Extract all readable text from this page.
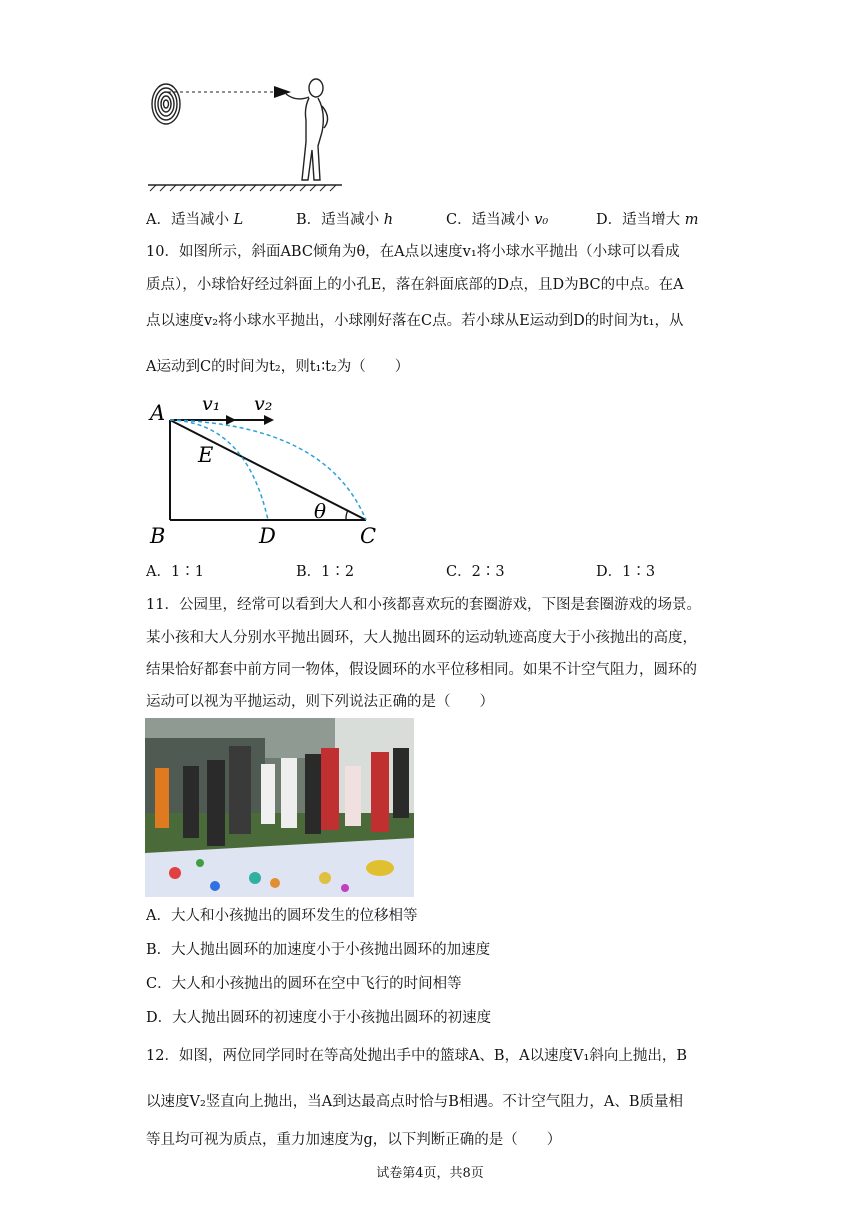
A．适当减小 L	B．适当减小 h	C．适当减小 v₀	D．适当增大 m
10．如图所示，斜面ABC倾角为θ，在A点以速度v₁将小球水平抛出（小球可以看成
质点），小球恰好经过斜面上的小孔E，落在斜面底部的D点，且D为BC的中点。在A
点以速度v₂将小球水平抛出，小球刚好落在C点。若小球从E运动到D的时间为t₁，从
A运动到C的时间为t₂，则t₁∶t₂为（　　）
A
B	C
D
E
θ
v₁ v₂
A．1∶1	B．1∶2	C．2∶3	D．1∶3
11．公园里，经常可以看到大人和小孩都喜欢玩的套圈游戏，下图是套圈游戏的场景。
某小孩和大人分别水平抛出圆环，大人抛出圆环的运动轨迹高度大于小孩抛出的高度，
结果恰好都套中前方同一物体，假设圆环的水平位移相同。如果不计空气阻力，圆环的
运动可以视为平抛运动，则下列说法正确的是（　　）
A．大人和小孩抛出的圆环发生的位移相等
B．大人抛出圆环的加速度小于小孩抛出圆环的加速度
C．大人和小孩抛出的圆环在空中飞行的时间相等
D．大人抛出圆环的初速度小于小孩抛出圆环的初速度
12．如图，两位同学同时在等高处抛出手中的篮球A、B，A以速度V₁斜向上抛出，B
以速度V₂竖直向上抛出，当A到达最高点时恰与B相遇。不计空气阻力，A、B质量相
等且均可视为质点，重力加速度为g，以下判断正确的是（　　）
试卷第4页，共8页
